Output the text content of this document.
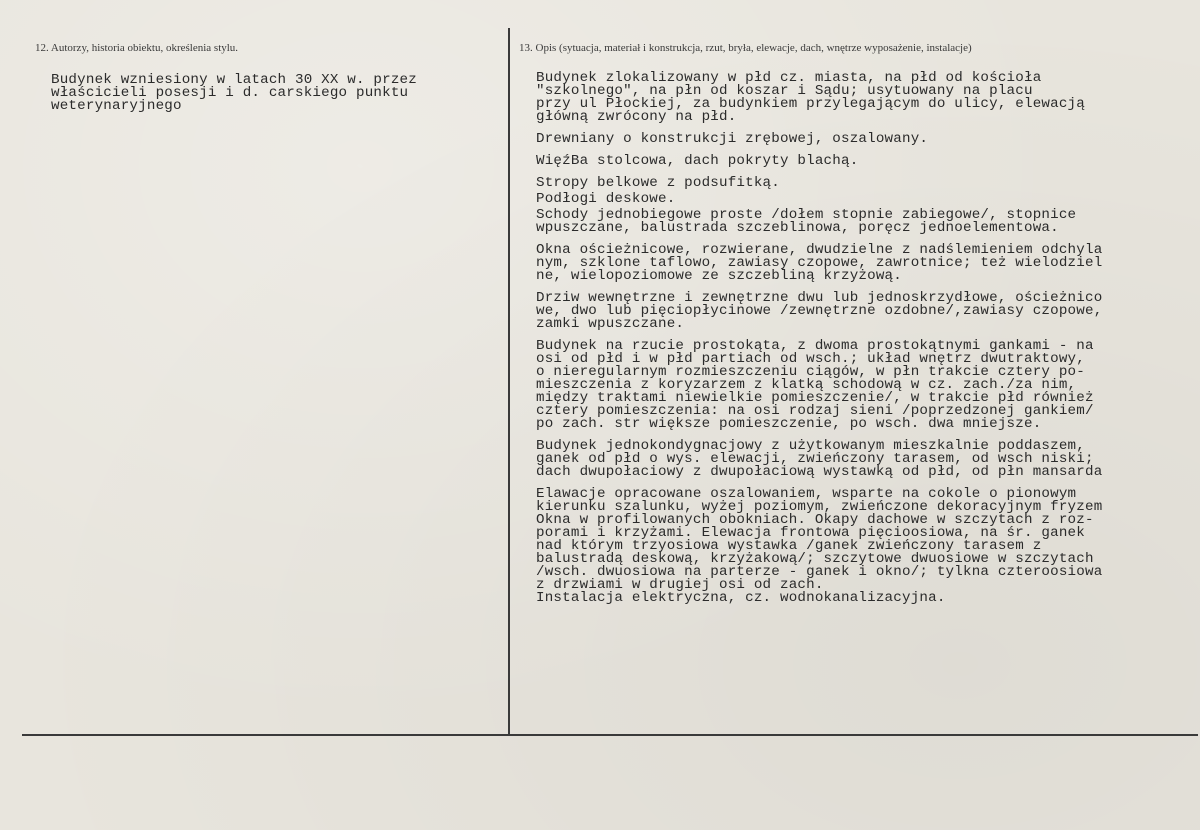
12. Autorzy, historia obiektu, określenia stylu.	13. Opis (sytuacja, materiał i konstrukcja, rzut, bryła, elewacje, dach, wnętrze wyposażenie, instalacje)
Budynek wzniesiony w latach 30 XX w. przez
właścicieli posesji i d. carskiego punktu
weterynaryjnego
Budynek zlokalizowany w płd cz. miasta, na płd od kościoła
"szkolnego", na płn od koszar i Sądu; usytuowany na placu
przy ul Płockiej, za budynkiem przylegającym do ulicy, elewacją
główną zwrócony na płd.
Drewniany o konstrukcji zrębowej, oszalowany.
WięźBa stolcowa, dach pokryty blachą.
Stropy belkowe z podsufitką.
Podłogi deskowe.
Schody jednobiegowe proste /dołem stopnie zabiegowe/, stopnice
wpuszczane, balustrada szczeblinowa, poręcz jednoelementowa.
Okna ościeżnicowe, rozwierane, dwudzielne z nadślemieniem odchyla
nym, szklone taflowo, zawiasy czopowe, zawrotnice; też wielodziel
ne, wielopoziomowe ze szczebliną krzyżową.
Drziw wewnętrzne i zewnętrzne dwu lub jednoskrzydłowe, ościeżnico
we, dwo lub pięciopłycinowe /zewnętrzne ozdobne/,zawiasy czopowe,
zamki wpuszczane.
Budynek na rzucie prostokąta, z dwoma prostokątnymi gankami - na
osi od płd i w płd partiach od wsch.; układ wnętrz dwutraktowy,
o nieregularnym rozmieszczeniu ciągów, w płn trakcie cztery po-
mieszczenia z koryzarzem z klatką schodową w cz. zach./za nim,
między traktami niewielkie pomieszczenie/, w trakcie płd również
cztery pomieszczenia: na osi rodzaj sieni /poprzedzonej gankiem/
po zach. str większe pomieszczenie, po wsch. dwa mniejsze.
Budynek jednokondygnacjowy z użytkowanym mieszkalnie poddaszem,
ganek od płd o wys. elewacji, zwieńczony tarasem, od wsch niski;
dach dwupołaciowy z dwupołaciową wystawką od płd, od płn mansarda
Elawacje opracowane oszalowaniem, wsparte na cokole o pionowym
kierunku szalunku, wyżej poziomym, zwieńczone dekoracyjnym fryzem
Okna w profilowanych obokniach. Okapy dachowe w szczytach z roz-
porami i krzyżami. Elewacja frontowa pięcioosiowa, na śr. ganek
nad którym trzyosiowa wystawka /ganek zwieńczony tarasem z
balustradą deskową, krzyżakową/; szczytowe dwuosiowe w szczytach
/wsch. dwuosiowa na parterze - ganek i okno/; tylkna czteroosiowa
z drzwiami w drugiej osi od zach.
Instalacja elektryczna, cz. wodnokanalizacyjna.
